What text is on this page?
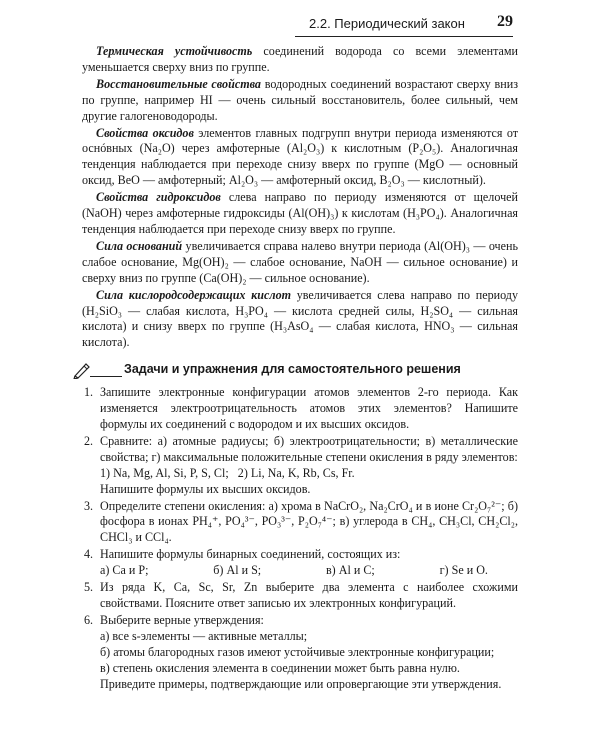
2.2. Периодический закон 29

Термическая устойчивость соединений водорода со всеми элементами уменьшается сверху вниз по группе.

Восстановительные свойства водородных соединений возрастают сверху вниз по группе, например HI — очень сильный восстановитель, более сильный, чем другие галогеноводороды.

Свойства оксидов элементов главных подгрупп внутри периода изменяются от оснóвных (Na₂O) через амфотерные (Al₂O₃) к кислотным (P₂O₅). Аналогичная тенденция наблюдается при переходе снизу вверх по группе (MgO — основный оксид, BeO — амфотерный; Al₂O₃ — амфотерный оксид, B₂O₃ — кислотный).

Свойства гидроксидов слева направо по периоду изменяются от щелочей (NaOH) через амфотерные гидроксиды (Al(OH)₃) к кислотам (H₃PO₄). Аналогичная тенденция наблюдается при переходе снизу вверх по группе.

Сила оснований увеличивается справа налево внутри периода (Al(OH)₃ — очень слабое основание, Mg(OH)₂ — слабое основание, NaOH — сильное основание) и сверху вниз по группе (Ca(OH)₂ — сильное основание).

Сила кислородсодержащих кислот увеличивается слева направо по периоду (H₂SiO₃ — слабая кислота, H₃PO₄ — кислота средней силы, H₂SO₄ — сильная кислота) и снизу вверх по группе (H₃AsO₄ — слабая кислота, HNO₃ — сильная кислота).

Задачи и упражнения для самостоятельного решения
1. Запишите электронные конфигурации атомов элементов 2-го периода. Как изменяется электроотрицательность атомов этих элементов? Напишите формулы их соединений с водородом и их высших оксидов.
2. Сравните: а) атомные радиусы; б) электроотрицательности; в) металлические свойства; г) максимальные положительные степени окисления в ряду элементов:
1) Na, Mg, Al, Si, P, S, Cl; 2) Li, Na, K, Rb, Cs, Fr.
Напишите формулы их высших оксидов.
3. Определите степени окисления: а) хрома в NaCrO₂, Na₂CrO₄ и в ионе Cr₂O₇²⁻; б) фосфора в ионах PH₄⁺, PO₄³⁻, PO₃³⁻, P₂O₇⁴⁻; в) углерода в CH₄, CH₃Cl, CH₂Cl₂, CHCl₃ и CCl₄.
4. Напишите формулы бинарных соединений, состоящих из:
а) Ca и P;	б) Al и S;	в) Al и C;	г) Se и O.
5. Из ряда K, Ca, Sc, Sr, Zn выберите два элемента с наиболее схожими свойствами. Поясните ответ записью их электронных конфигураций.
6. Выберите верные утверждения:
а) все s-элементы — активные металлы;
б) атомы благородных газов имеют устойчивые электронные конфигурации;
в) степень окисления элемента в соединении может быть равна нулю.
Приведите примеры, подтверждающие или опровергающие эти утверждения.
